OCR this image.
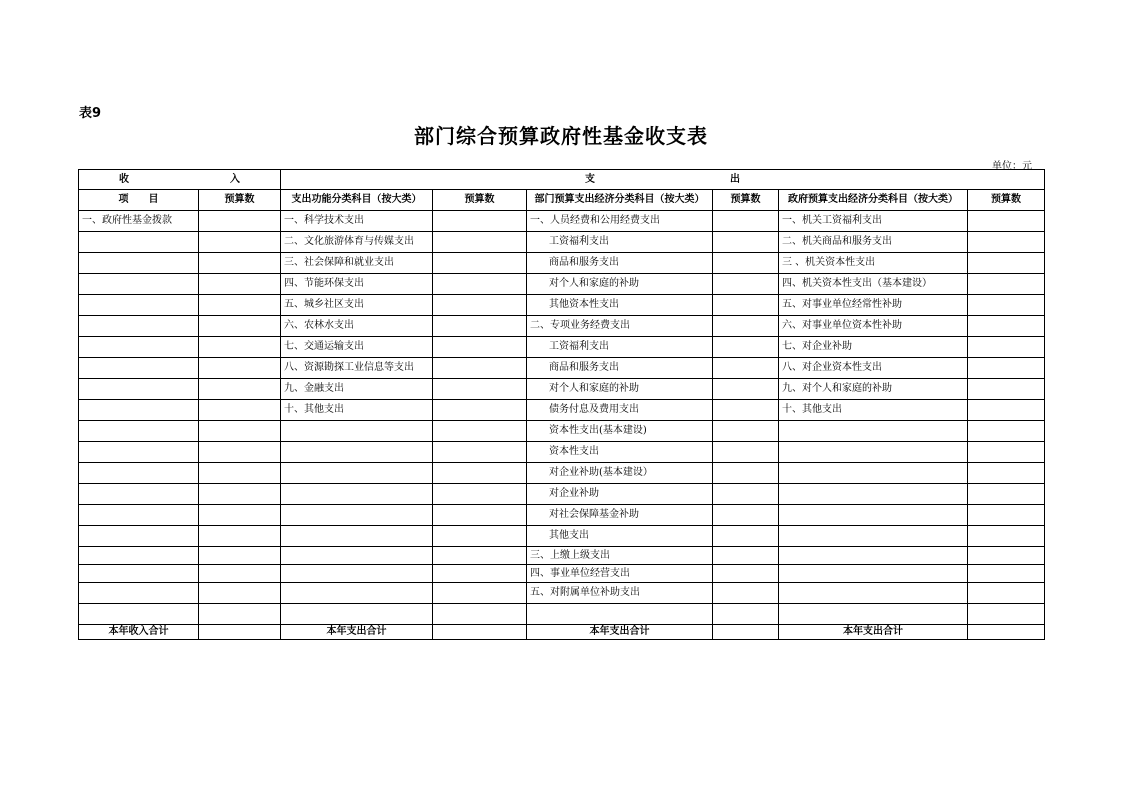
表9
部门综合预算政府性基金收支表
单位：元
收 入		支 出					
项　　目	预算数	支出功能分类科目（按大类）	预算数	部门预算支出经济分类科目（按大类）	预算数	政府预算支出经济分类科目（按大类）	预算数
一、政府性基金拨款		一、科学技术支出		一、人员经费和公用经费支出		一、机关工资福利支出	
		二、文化旅游体育与传媒支出		工资福利支出		二、机关商品和服务支出	
		三、社会保障和就业支出		商品和服务支出		三 、机关资本性支出	
		四、节能环保支出		对个人和家庭的补助		四、机关资本性支出（基本建设）	
		五、城乡社区支出		其他资本性支出		五、对事业单位经常性补助	
		六、农林水支出		二、专项业务经费支出		六、对事业单位资本性补助	
		七、交通运输支出		工资福利支出		七、对企业补助	
		八、资源勘探工业信息等支出		商品和服务支出		八、对企业资本性支出	
		九、金融支出		对个人和家庭的补助		九、对个人和家庭的补助	
		十、其他支出		债务付息及费用支出		十、其他支出	
				资本性支出(基本建设)			
				资本性支出			
				对企业补助(基本建设）			
				对企业补助			
				对社会保障基金补助			
				其他支出			
				三、上缴上级支出			
				四、事业单位经营支出			
				五、对附属单位补助支出			

本年收入合计		本年支出合计		本年支出合计		本年支出合计	
